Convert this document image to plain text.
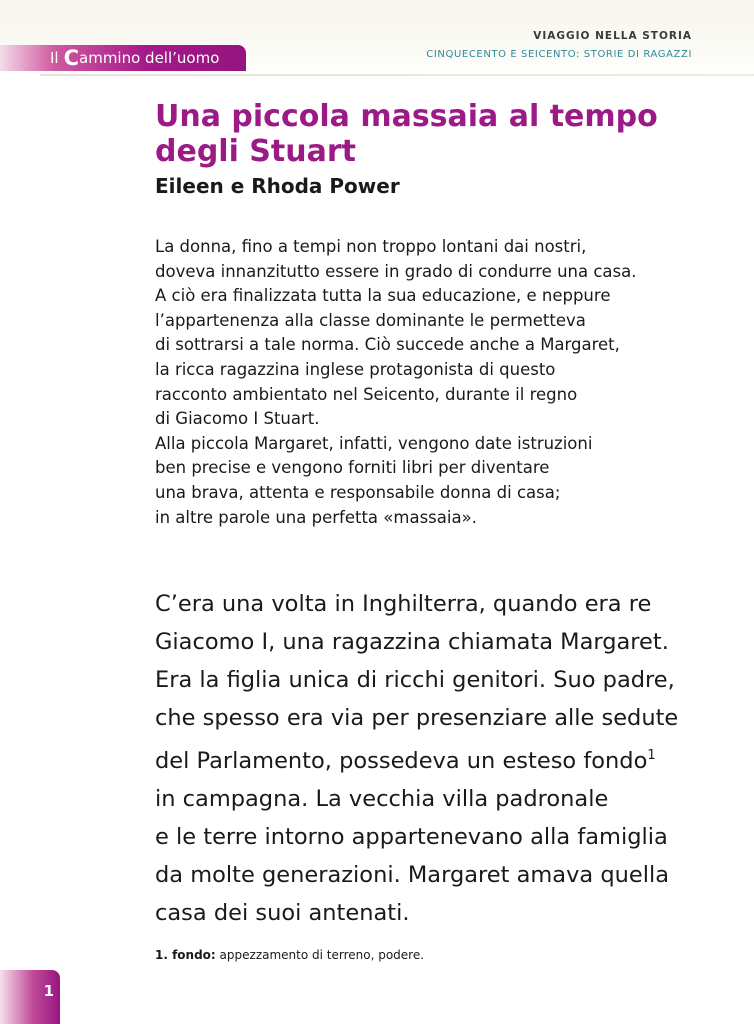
Il C ammino dell’uomo
VIAGGIO NELLA STORIA
CINQUECENTO E SEICENTO: STORIE DI RAGAZZI
Una piccola massaia al tempo
degli Stuart
Eileen e Rhoda Power
La donna, fino a tempi non troppo lontani dai nostri,
doveva innanzitutto essere in grado di condurre una casa.
A ciò era finalizzata tutta la sua educazione, e neppure
l’appartenenza alla classe dominante le permetteva
di sottrarsi a tale norma. Ciò succede anche a Margaret,
la ricca ragazzina inglese protagonista di questo
racconto ambientato nel Seicento, durante il regno
di Giacomo I Stuart.
Alla piccola Margaret, infatti, vengono date istruzioni
ben precise e vengono forniti libri per diventare
una brava, attenta e responsabile donna di casa;
in altre parole una perfetta «massaia».
C’era una volta in Inghilterra, quando era re
Giacomo I, una ragazzina chiamata Margaret.
Era la figlia unica di ricchi genitori. Suo padre,
che spesso era via per presenziare alle sedute
del Parlamento, possedeva un esteso fondo$^1$
in campagna. La vecchia villa padronale
e le terre intorno appartenevano alla famiglia
da molte generazioni. Margaret amava quella
casa dei suoi antenati.
1. fondo: appezzamento di terreno, podere.
1
